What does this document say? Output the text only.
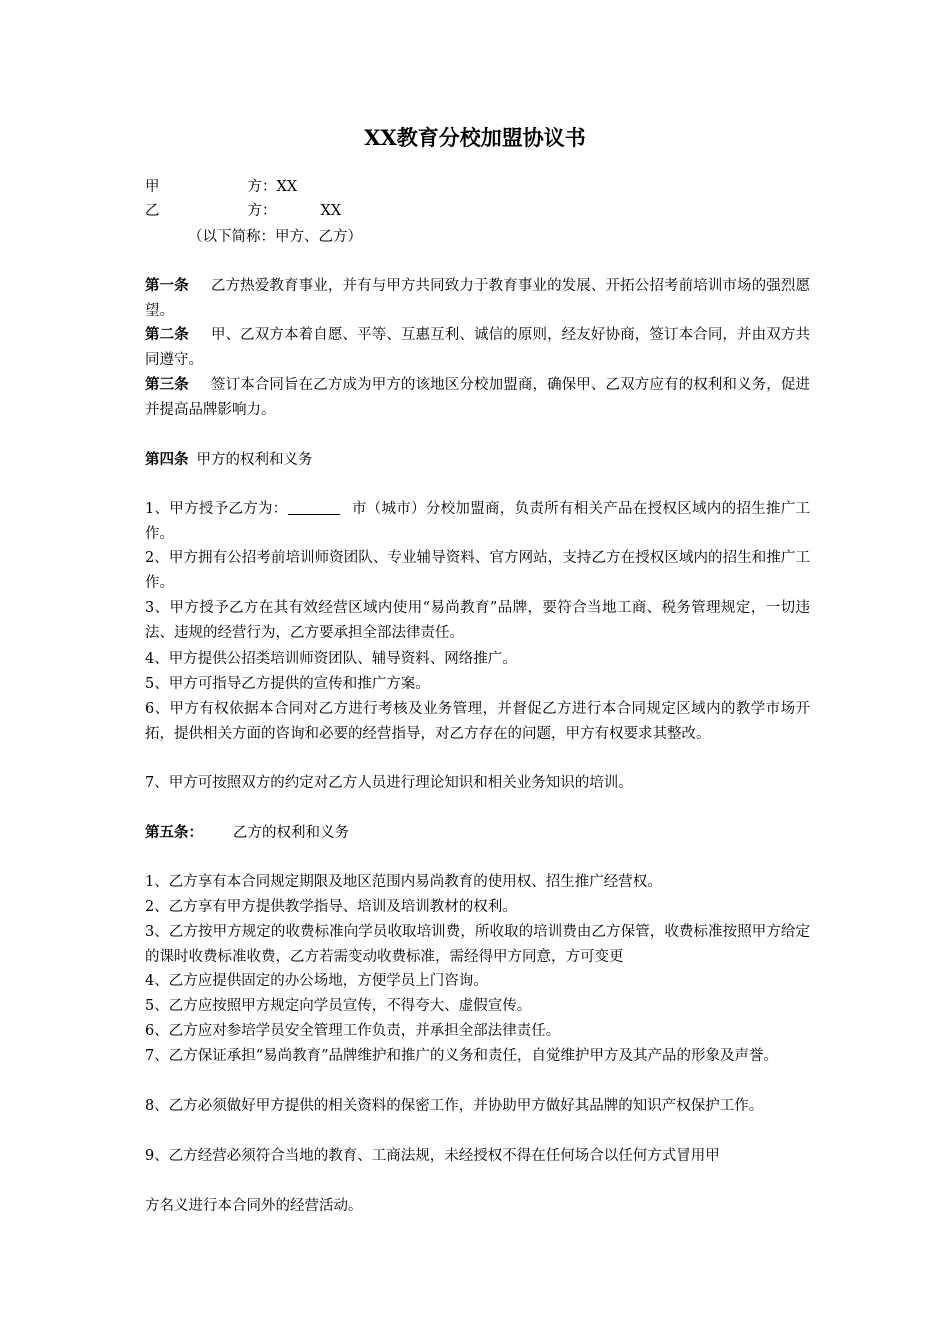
XX教育分校加盟协议书
甲	方：XX
乙	方：	XX
（以下简称：甲方、乙方）
第一条 乙方热爱教育事业，并有与甲方共同致力于教育事业的发展、开拓公招考前培训市场的强烈愿望。
第二条 甲、乙双方本着自愿、平等、互惠互利、诚信的原则，经友好协商，签订本合同，并由双方共同遵守。
第三条 签订本合同旨在乙方成为甲方的该地区分校加盟商，确保甲、乙双方应有的权利和义务，促进并提高品牌影响力。
第四条 甲方的权利和义务
1、甲方授予乙方为：	市（城市）分校加盟商，负责所有相关产品在授权区域内的招生推广工作。
2、甲方拥有公招考前培训师资团队、专业辅导资料、官方网站，支持乙方在授权区域内的招生和推广工作。
3、甲方授予乙方在其有效经营区域内使用“易尚教育”品牌，要符合当地工商、税务管理规定，一切违法、违规的经营行为，乙方要承担全部法律责任。
4、甲方提供公招类培训师资团队、辅导资料、网络推广。
5、甲方可指导乙方提供的宣传和推广方案。
6、甲方有权依据本合同对乙方进行考核及业务管理，并督促乙方进行本合同规定区域内的教学市场开拓，提供相关方面的咨询和必要的经营指导，对乙方存在的问题，甲方有权要求其整改。
7、甲方可按照双方的约定对乙方人员进行理论知识和相关业务知识的培训。
第五条： 乙方的权利和义务
1、乙方享有本合同规定期限及地区范围内易尚教育的使用权、招生推广经营权。
2、乙方享有甲方提供教学指导、培训及培训教材的权利。
3、乙方按甲方规定的收费标准向学员收取培训费，所收取的培训费由乙方保管，收费标准按照甲方给定的课时收费标准收费，乙方若需变动收费标准，需经得甲方同意，方可变更
4、乙方应提供固定的办公场地，方便学员上门咨询。
5、乙方应按照甲方规定向学员宣传，不得夸大、虚假宣传。
6、乙方应对参培学员安全管理工作负责，并承担全部法律责任。
7、乙方保证承担“易尚教育”品牌维护和推广的义务和责任，自觉维护甲方及其产品的形象及声誉。
8、乙方必须做好甲方提供的相关资料的保密工作，并协助甲方做好其品牌的知识产权保护工作。
9、乙方经营必须符合当地的教育、工商法规，未经授权不得在任何场合以任何方式冒用甲
方名义进行本合同外的经营活动。
